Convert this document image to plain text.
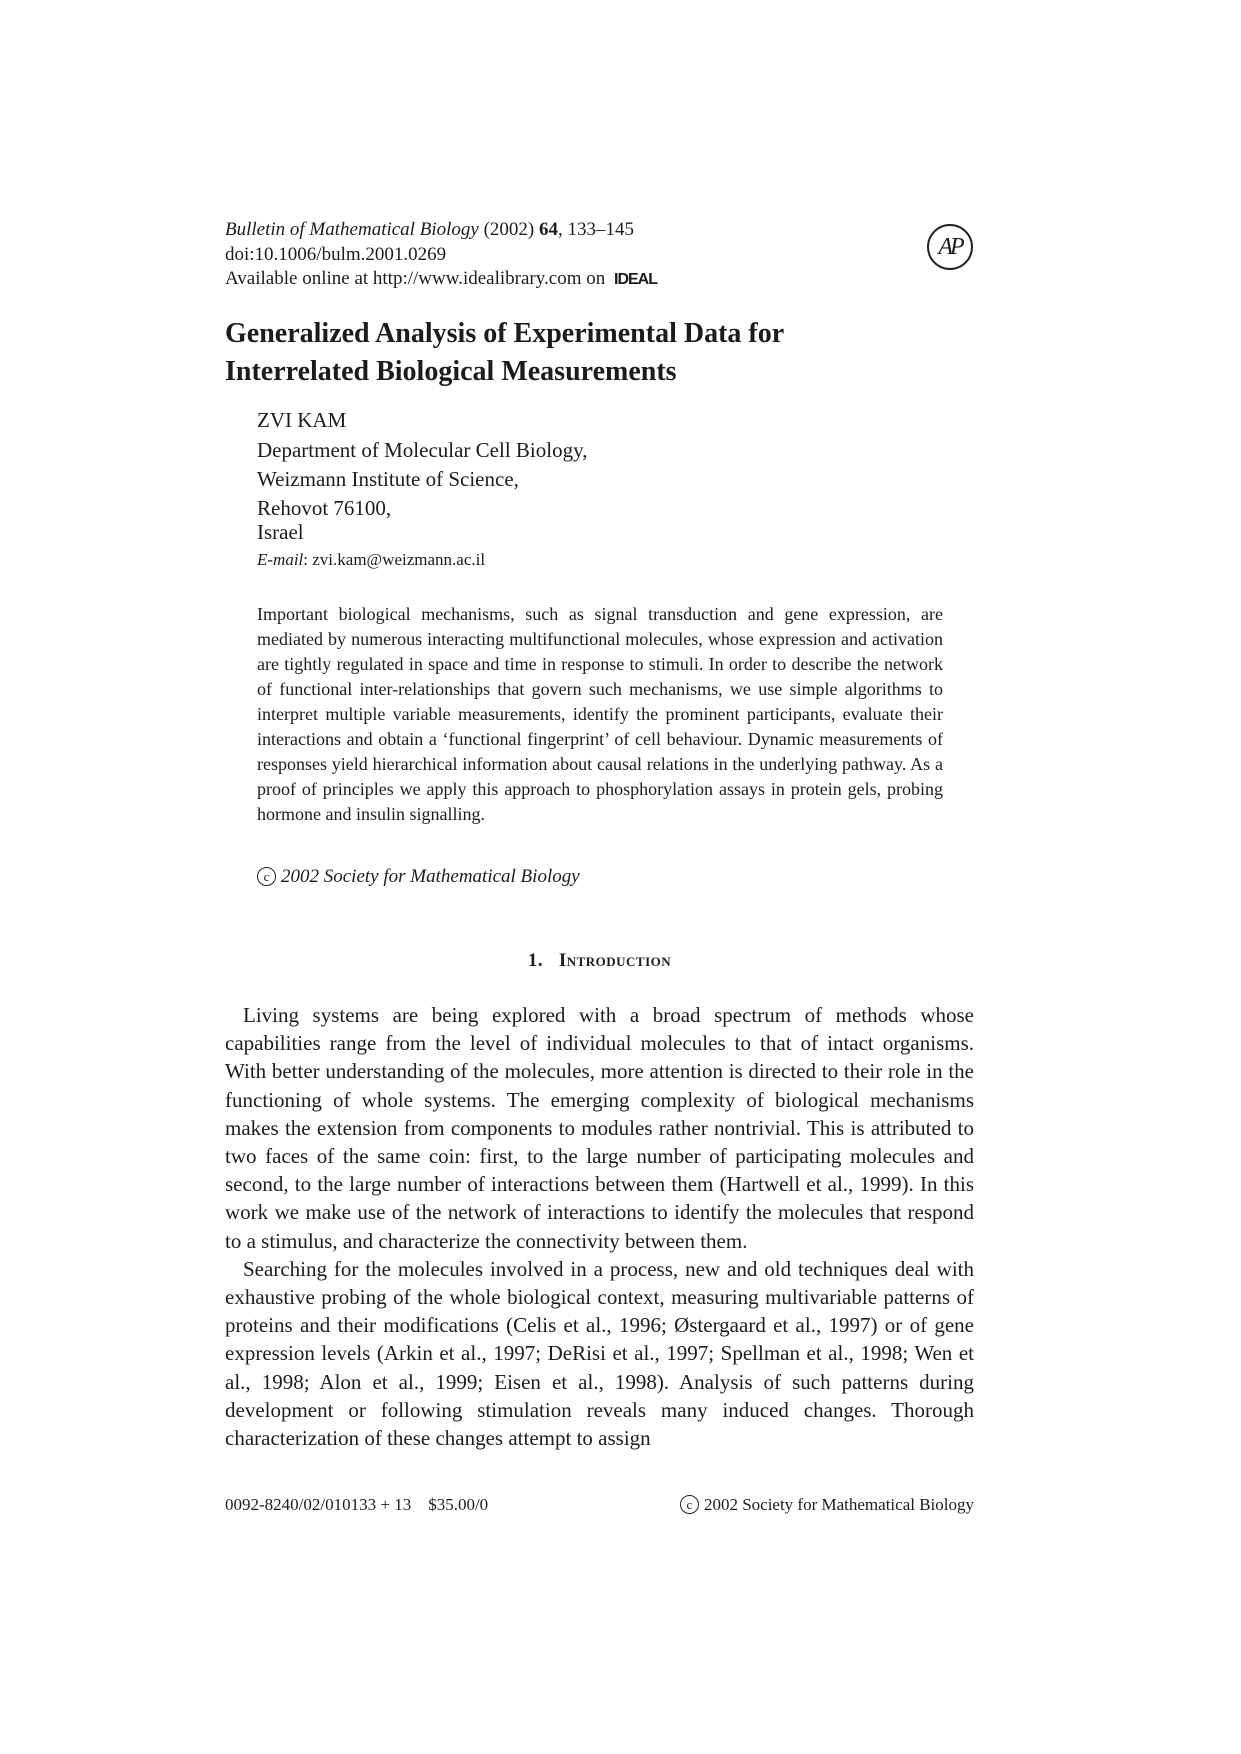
Bulletin of Mathematical Biology (2002) 64, 133–145
doi:10.1006/bulm.2001.0269
Available online at http://www.idealibrary.com on IDEAL
AP
Generalized Analysis of Experimental Data for
Interrelated Biological Measurements
ZVI KAM
Department of Molecular Cell Biology,
Weizmann Institute of Science,
Rehovot 76100,
Israel
E-mail: zvi.kam@weizmann.ac.il
Important biological mechanisms, such as signal transduction and gene expression, are mediated by numerous interacting multifunctional molecules, whose expression and activation are tightly regulated in space and time in response to stimuli. In order to describe the network of functional inter-relationships that govern such mechanisms, we use simple algorithms to interpret multiple variable measurements, identify the prominent participants, evaluate their interactions and obtain a ‘functional fingerprint’ of cell behaviour. Dynamic measurements of responses yield hierarchical information about causal relations in the underlying pathway. As a proof of principles we apply this approach to phosphorylation assays in protein gels, probing hormone and insulin signalling.
c 2002 Society for Mathematical Biology
1. Introduction

Living systems are being explored with a broad spectrum of methods whose capabilities range from the level of individual molecules to that of intact organisms. With better understanding of the molecules, more attention is directed to their role in the functioning of whole systems. The emerging complexity of biological mechanisms makes the extension from components to modules rather nontrivial. This is attributed to two faces of the same coin: first, to the large number of participating molecules and second, to the large number of interactions between them (Hartwell et al., 1999). In this work we make use of the network of interactions to identify the molecules that respond to a stimulus, and characterize the connectivity between them.

Searching for the molecules involved in a process, new and old techniques deal with exhaustive probing of the whole biological context, measuring multivariable patterns of proteins and their modifications (Celis et al., 1996; Østergaard et al., 1997) or of gene expression levels (Arkin et al., 1997; DeRisi et al., 1997; Spellman et al., 1998; Wen et al., 1998; Alon et al., 1999; Eisen et al., 1998). Analysis of such patterns during development or following stimulation reveals many induced changes. Thorough characterization of these changes attempt to assign

0092-8240/02/010133 + 13    $35.00/0	c 2002 Society for Mathematical Biology
